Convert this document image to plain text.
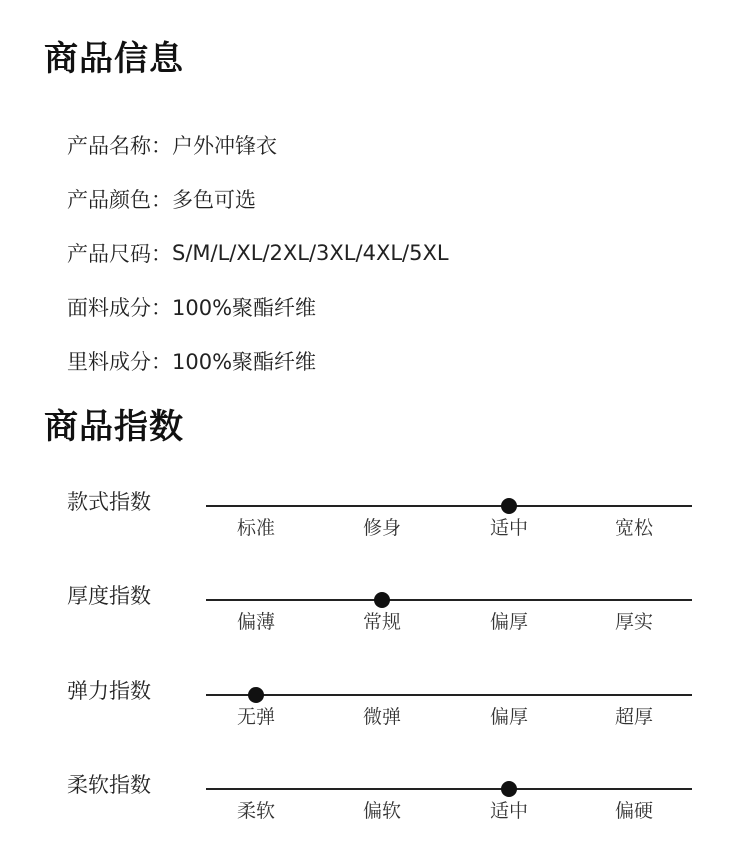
商品信息
产品名称： 户外冲锋衣
产品颜色： 多色可选
产品尺码： S/M/L/XL/2XL/3XL/4XL/5XL
面料成分： 100%聚酯纤维
里料成分： 100%聚酯纤维
商品指数
款式指数
标准	修身	适中	宽松
厚度指数
偏薄	常规	偏厚	厚实
弹力指数
无弹	微弹	偏厚	超厚
柔软指数
柔软	偏软	适中	偏硬
